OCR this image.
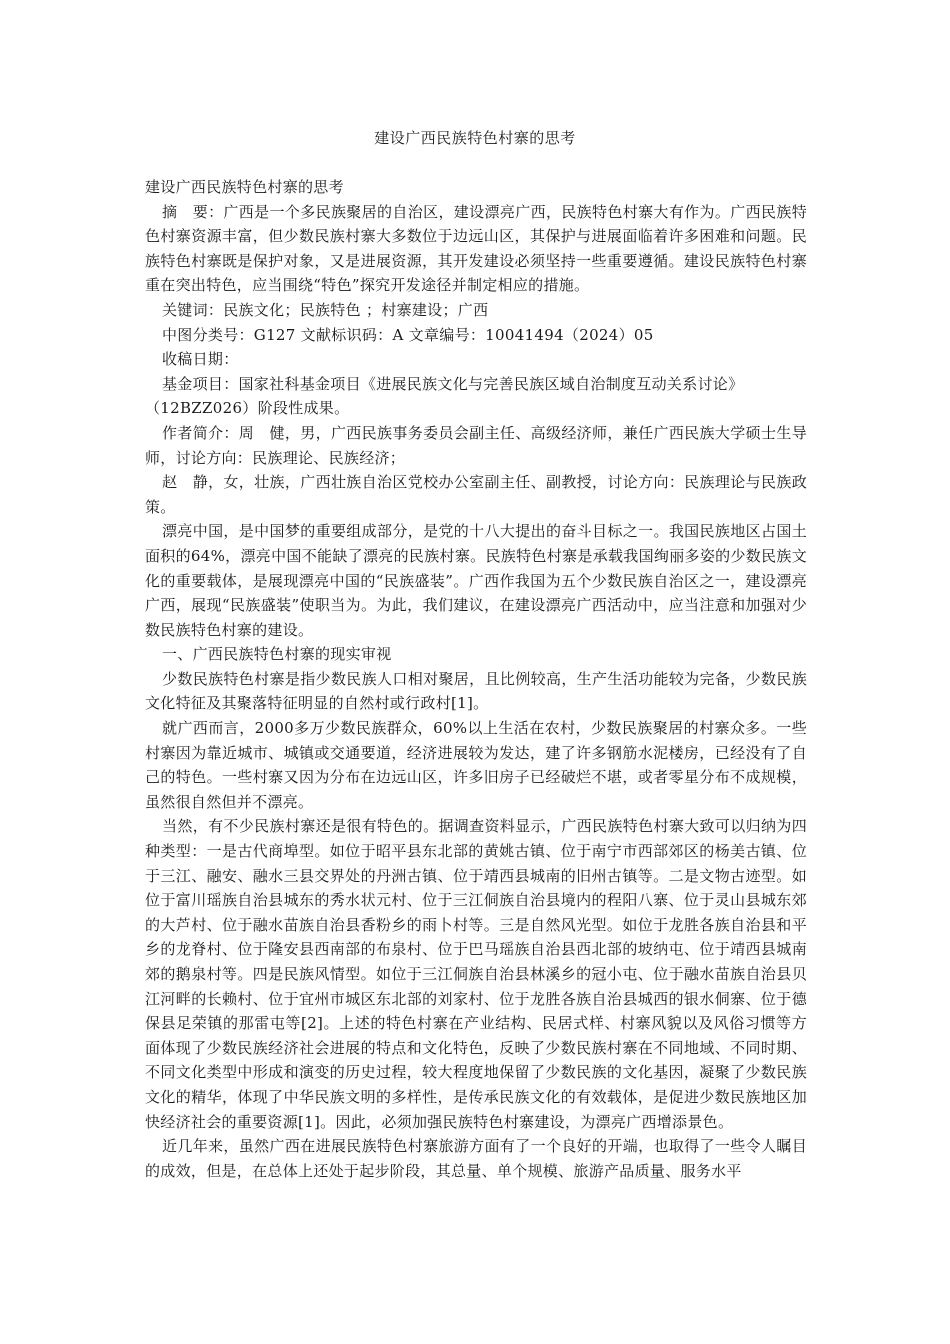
建设广西民族特色村寨的思考

建设广西民族特色村寨的思考

摘　要：广西是一个多民族聚居的自治区，建设漂亮广西，民族特色村寨大有作为。广西民族特色村寨资源丰富，但少数民族村寨大多数位于边远山区，其保护与进展面临着许多困难和问题。民族特色村寨既是保护对象，又是进展资源，其开发建设必须坚持一些重要遵循。建设民族特色村寨重在突出特色，应当围绕“特色”探究开发途径并制定相应的措施。

关键词：民族文化；民族特色 ；村寨建设；广西

中图分类号：G127 文献标识码：A 文章编号：10041494（2024）05

收稿日期：

基金项目：国家社科基金项目《进展民族文化与完善民族区域自治制度互动关系讨论》

（12BZZ026）阶段性成果。

作者简介：周　健，男，广西民族事务委员会副主任、高级经济师，兼任广西民族大学硕士生导师，讨论方向：民族理论、民族经济；

赵　静，女，壮族，广西壮族自治区党校办公室副主任、副教授，讨论方向：民族理论与民族政策。

漂亮中国，是中国梦的重要组成部分，是党的十八大提出的奋斗目标之一。我国民族地区占国土面积的64%，漂亮中国不能缺了漂亮的民族村寨。民族特色村寨是承载我国绚丽多姿的少数民族文化的重要载体，是展现漂亮中国的“民族盛装”。广西作我国为五个少数民族自治区之一，建设漂亮广西，展现“民族盛装”使职当为。为此，我们建议，在建设漂亮广西活动中，应当注意和加强对少数民族特色村寨的建设。

一、广西民族特色村寨的现实审视

少数民族特色村寨是指少数民族人口相对聚居，且比例较高，生产生活功能较为完备，少数民族文化特征及其聚落特征明显的自然村或行政村[1]。

就广西而言，2000多万少数民族群众，60%以上生活在农村，少数民族聚居的村寨众多。一些村寨因为靠近城市、城镇或交通要道，经济进展较为发达，建了许多钢筋水泥楼房，已经没有了自己的特色。一些村寨又因为分布在边远山区，许多旧房子已经破烂不堪，或者零星分布不成规模，虽然很自然但并不漂亮。

当然，有不少民族村寨还是很有特色的。据调查资料显示，广西民族特色村寨大致可以归纳为四种类型：一是古代商埠型。如位于昭平县东北部的黄姚古镇、位于南宁市西部郊区的杨美古镇、位于三江、融安、融水三县交界处的丹洲古镇、位于靖西县城南的旧州古镇等。二是文物古迹型。如位于富川瑶族自治县城东的秀水状元村、位于三江侗族自治县境内的程阳八寨、位于灵山县城东郊的大芦村、位于融水苗族自治县香粉乡的雨卜村等。三是自然风光型。如位于龙胜各族自治县和平乡的龙脊村、位于隆安县西南部的布泉村、位于巴马瑶族自治县西北部的坡纳屯、位于靖西县城南郊的鹅泉村等。四是民族风情型。如位于三江侗族自治县林溪乡的冠小屯、位于融水苗族自治县贝江河畔的长赖村、位于宜州市城区东北部的刘家村、位于龙胜各族自治县城西的银水侗寨、位于德保县足荣镇的那雷屯等[2]。上述的特色村寨在产业结构、民居式样、村寨风貌以及风俗习惯等方面体现了少数民族经济社会进展的特点和文化特色，反映了少数民族村寨在不同地域、不同时期、不同文化类型中形成和演变的历史过程，较大程度地保留了少数民族的文化基因，凝聚了少数民族文化的精华，体现了中华民族文明的多样性，是传承民族文化的有效载体，是促进少数民族地区加快经济社会的重要资源[1]。因此，必须加强民族特色村寨建设，为漂亮广西增添景色。

近几年来，虽然广西在进展民族特色村寨旅游方面有了一个良好的开端，也取得了一些令人瞩目的成效，但是，在总体上还处于起步阶段，其总量、单个规模、旅游产品质量、服务水平
